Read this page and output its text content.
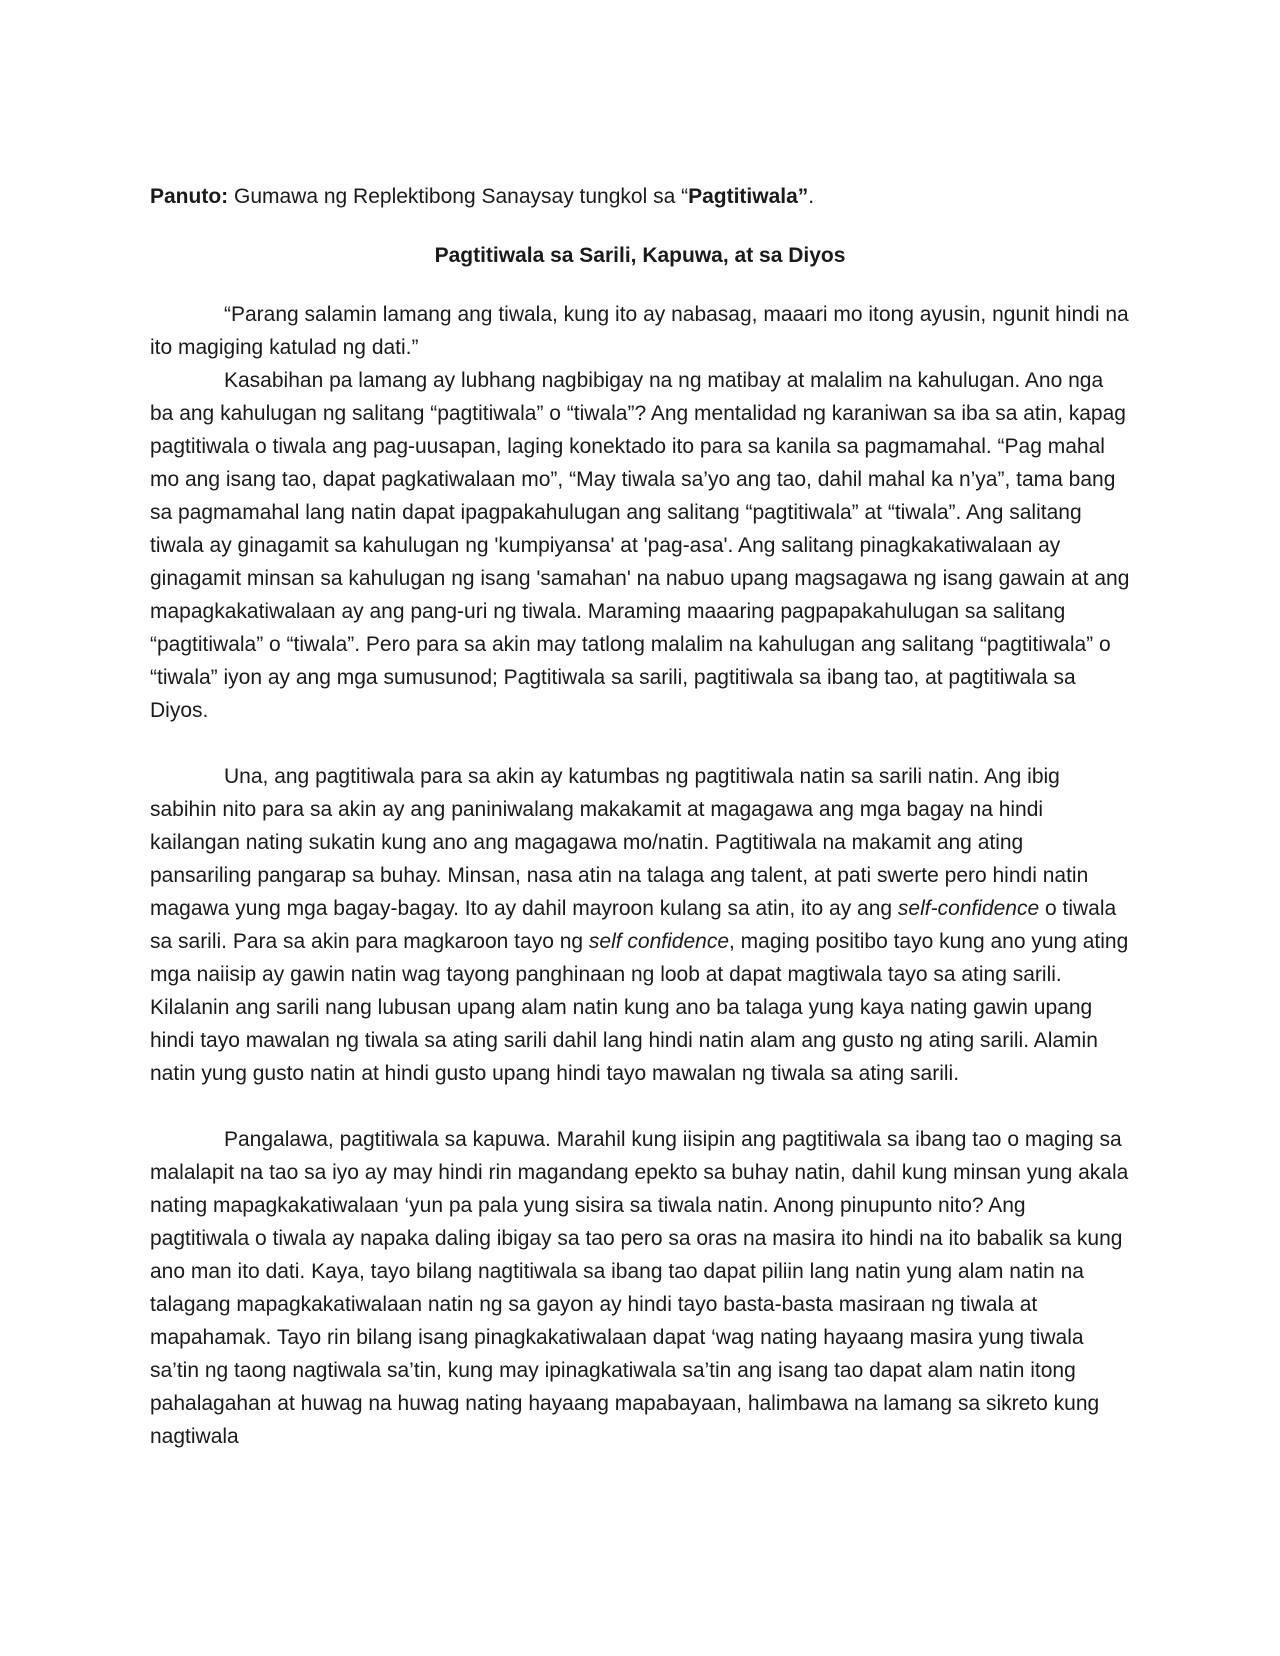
Panuto: Gumawa ng Replektibong Sanaysay tungkol sa “Pagtitiwala”.

Pagtitiwala sa Sarili, Kapuwa, at sa Diyos

“Parang salamin lamang ang tiwala, kung ito ay nabasag, maaari mo itong ayusin, ngunit hindi na ito magiging katulad ng dati.”

Kasabihan pa lamang ay lubhang nagbibigay na ng matibay at malalim na kahulugan. Ano nga ba ang kahulugan ng salitang “pagtitiwala” o “tiwala”? Ang mentalidad ng karaniwan sa iba sa atin, kapag pagtitiwala o tiwala ang pag-uusapan, laging konektado ito para sa kanila sa pagmamahal. “Pag mahal mo ang isang tao, dapat pagkatiwalaan mo”, “May tiwala sa’yo ang tao, dahil mahal ka n’ya”, tama bang sa pagmamahal lang natin dapat ipagpakahulugan ang salitang “pagtitiwala” at “tiwala”. Ang salitang tiwala ay ginagamit sa kahulugan ng 'kumpiyansa' at 'pag-asa'. Ang salitang pinagkakatiwalaan ay ginagamit minsan sa kahulugan ng isang 'samahan' na nabuo upang magsagawa ng isang gawain at ang mapagkakatiwalaan ay ang pang-uri ng tiwala. Maraming maaaring pagpapakahulugan sa salitang “pagtitiwala” o “tiwala”. Pero para sa akin may tatlong malalim na kahulugan ang salitang “pagtitiwala” o “tiwala” iyon ay ang mga sumusunod; Pagtitiwala sa sarili, pagtitiwala sa ibang tao, at pagtitiwala sa Diyos.

Una, ang pagtitiwala para sa akin ay katumbas ng pagtitiwala natin sa sarili natin. Ang ibig sabihin nito para sa akin ay ang paniniwalang makakamit at magagawa ang mga bagay na hindi kailangan nating sukatin kung ano ang magagawa mo/natin. Pagtitiwala na makamit ang ating pansariling pangarap sa buhay. Minsan, nasa atin na talaga ang talent, at pati swerte pero hindi natin magawa yung mga bagay-bagay. Ito ay dahil mayroon kulang sa atin, ito ay ang self-confidence o tiwala sa sarili. Para sa akin para magkaroon tayo ng self confidence, maging positibo tayo kung ano yung ating mga naiisip ay gawin natin wag tayong panghinaan ng loob at dapat magtiwala tayo sa ating sarili. Kilalanin ang sarili nang lubusan upang alam natin kung ano ba talaga yung kaya nating gawin upang hindi tayo mawalan ng tiwala sa ating sarili dahil lang hindi natin alam ang gusto ng ating sarili. Alamin natin yung gusto natin at hindi gusto upang hindi tayo mawalan ng tiwala sa ating sarili.

Pangalawa, pagtitiwala sa kapuwa. Marahil kung iisipin ang pagtitiwala sa ibang tao o maging sa malalapit na tao sa iyo ay may hindi rin magandang epekto sa buhay natin, dahil kung minsan yung akala nating mapagkakatiwalaan ‘yun pa pala yung sisira sa tiwala natin. Anong pinupunto nito? Ang pagtitiwala o tiwala ay napaka daling ibigay sa tao pero sa oras na masira ito hindi na ito babalik sa kung ano man ito dati. Kaya, tayo bilang nagtitiwala sa ibang tao dapat piliin lang natin yung alam natin na talagang mapagkakatiwalaan natin ng sa gayon ay hindi tayo basta-basta masiraan ng tiwala at mapahamak. Tayo rin bilang isang pinagkakatiwalaan dapat ‘wag nating hayaang masira yung tiwala sa’tin ng taong nagtiwala sa’tin, kung may ipinagkatiwala sa’tin ang isang tao dapat alam natin itong pahalagahan at huwag na huwag nating hayaang mapabayaan, halimbawa na lamang sa sikreto kung nagtiwala
